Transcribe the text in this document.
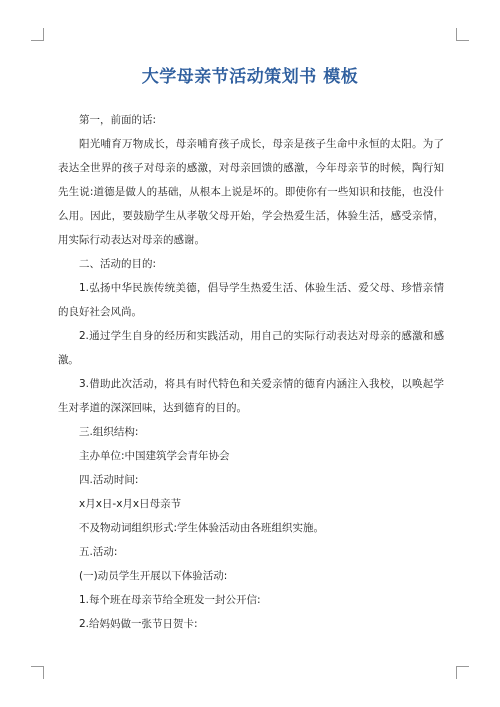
大学母亲节活动策划书 模板

第一，前面的话:

阳光哺育万物成长，母亲哺育孩子成长，母亲是孩子生命中永恒的太阳。为了表达全世界的孩子对母亲的感激，对母亲回馈的感激，今年母亲节的时候，陶行知先生说:道德是做人的基础，从根本上说是坏的。即使你有一些知识和技能，也没什么用。因此，要鼓励学生从孝敬父母开始，学会热爱生活，体验生活，感受亲情，用实际行动表达对母亲的感谢。

二、活动的目的:

1.弘扬中华民族传统美德，倡导学生热爱生活、体验生活、爱父母、珍惜亲情的良好社会风尚。

2.通过学生自身的经历和实践活动，用自己的实际行动表达对母亲的感激和感激。

3.借助此次活动，将具有时代特色和关爱亲情的德育内涵注入我校，以唤起学生对孝道的深深回味，达到德育的目的。

三.组织结构:

主办单位:中国建筑学会青年协会

四.活动时间:

x月x日-x月x日母亲节

不及物动词组织形式:学生体验活动由各班组织实施。

五.活动:

(一)动员学生开展以下体验活动:

1.每个班在母亲节给全班发一封公开信:

2.给妈妈做一张节日贺卡:
